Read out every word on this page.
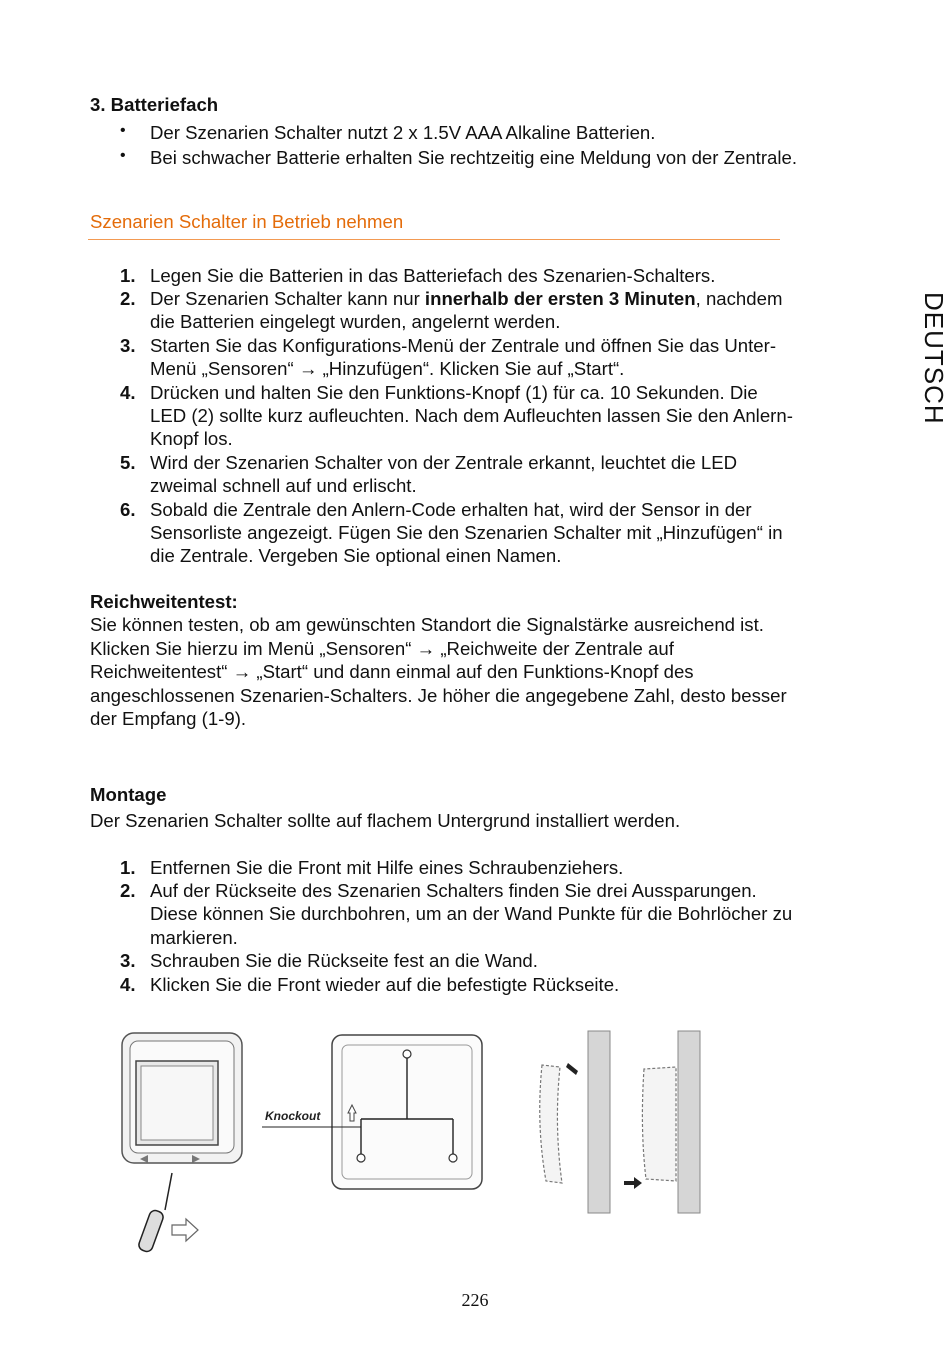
3. Batteriefach
• Der Szenarien Schalter nutzt 2 x 1.5V AAA Alkaline Batterien.
• Bei schwacher Batterie erhalten Sie rechtzeitig eine Meldung von der Zentrale.
Szenarien Schalter in Betrieb nehmen
1. Legen Sie die Batterien in das Batteriefach des Szenarien-Schalters.
2. Der Szenarien Schalter kann nur innerhalb der ersten 3 Minuten, nachdem
die Batterien eingelegt wurden, angelernt werden.
3. Starten Sie das Konfigurations-Menü der Zentrale und öffnen Sie das Unter-
Menü „Sensoren“ → „Hinzufügen“. Klicken Sie auf „Start“.
4. Drücken und halten Sie den Funktions-Knopf (1) für ca. 10 Sekunden. Die
LED (2) sollte kurz aufleuchten. Nach dem Aufleuchten lassen Sie den Anlern-
Knopf los.
5. Wird der Szenarien Schalter von der Zentrale erkannt, leuchtet die LED
zweimal schnell auf und erlischt.
6. Sobald die Zentrale den Anlern-Code erhalten hat, wird der Sensor in der
Sensorliste angezeigt. Fügen Sie den Szenarien Schalter mit „Hinzufügen“ in
die Zentrale. Vergeben Sie optional einen Namen.
Reichweitentest:
Sie können testen, ob am gewünschten Standort die Signalstärke ausreichend ist.
Klicken Sie hierzu im Menü „Sensoren“ → „Reichweite der Zentrale auf
Reichweitentest“ → „Start“ und dann einmal auf den Funktions-Knopf des
angeschlossenen Szenarien-Schalters. Je höher die angegebene Zahl, desto besser
der Empfang (1-9).
Montage
Der Szenarien Schalter sollte auf flachem Untergrund installiert werden.
1. Entfernen Sie die Front mit Hilfe eines Schraubenziehers.
2. Auf der Rückseite des Szenarien Schalters finden Sie drei Aussparungen.
Diese können Sie durchbohren, um an der Wand Punkte für die Bohrlöcher zu
markieren.
3. Schrauben Sie die Rückseite fest an die Wand.
4. Klicken Sie die Front wieder auf die befestigte Rückseite.
Knockout
DEUTSCH
226
